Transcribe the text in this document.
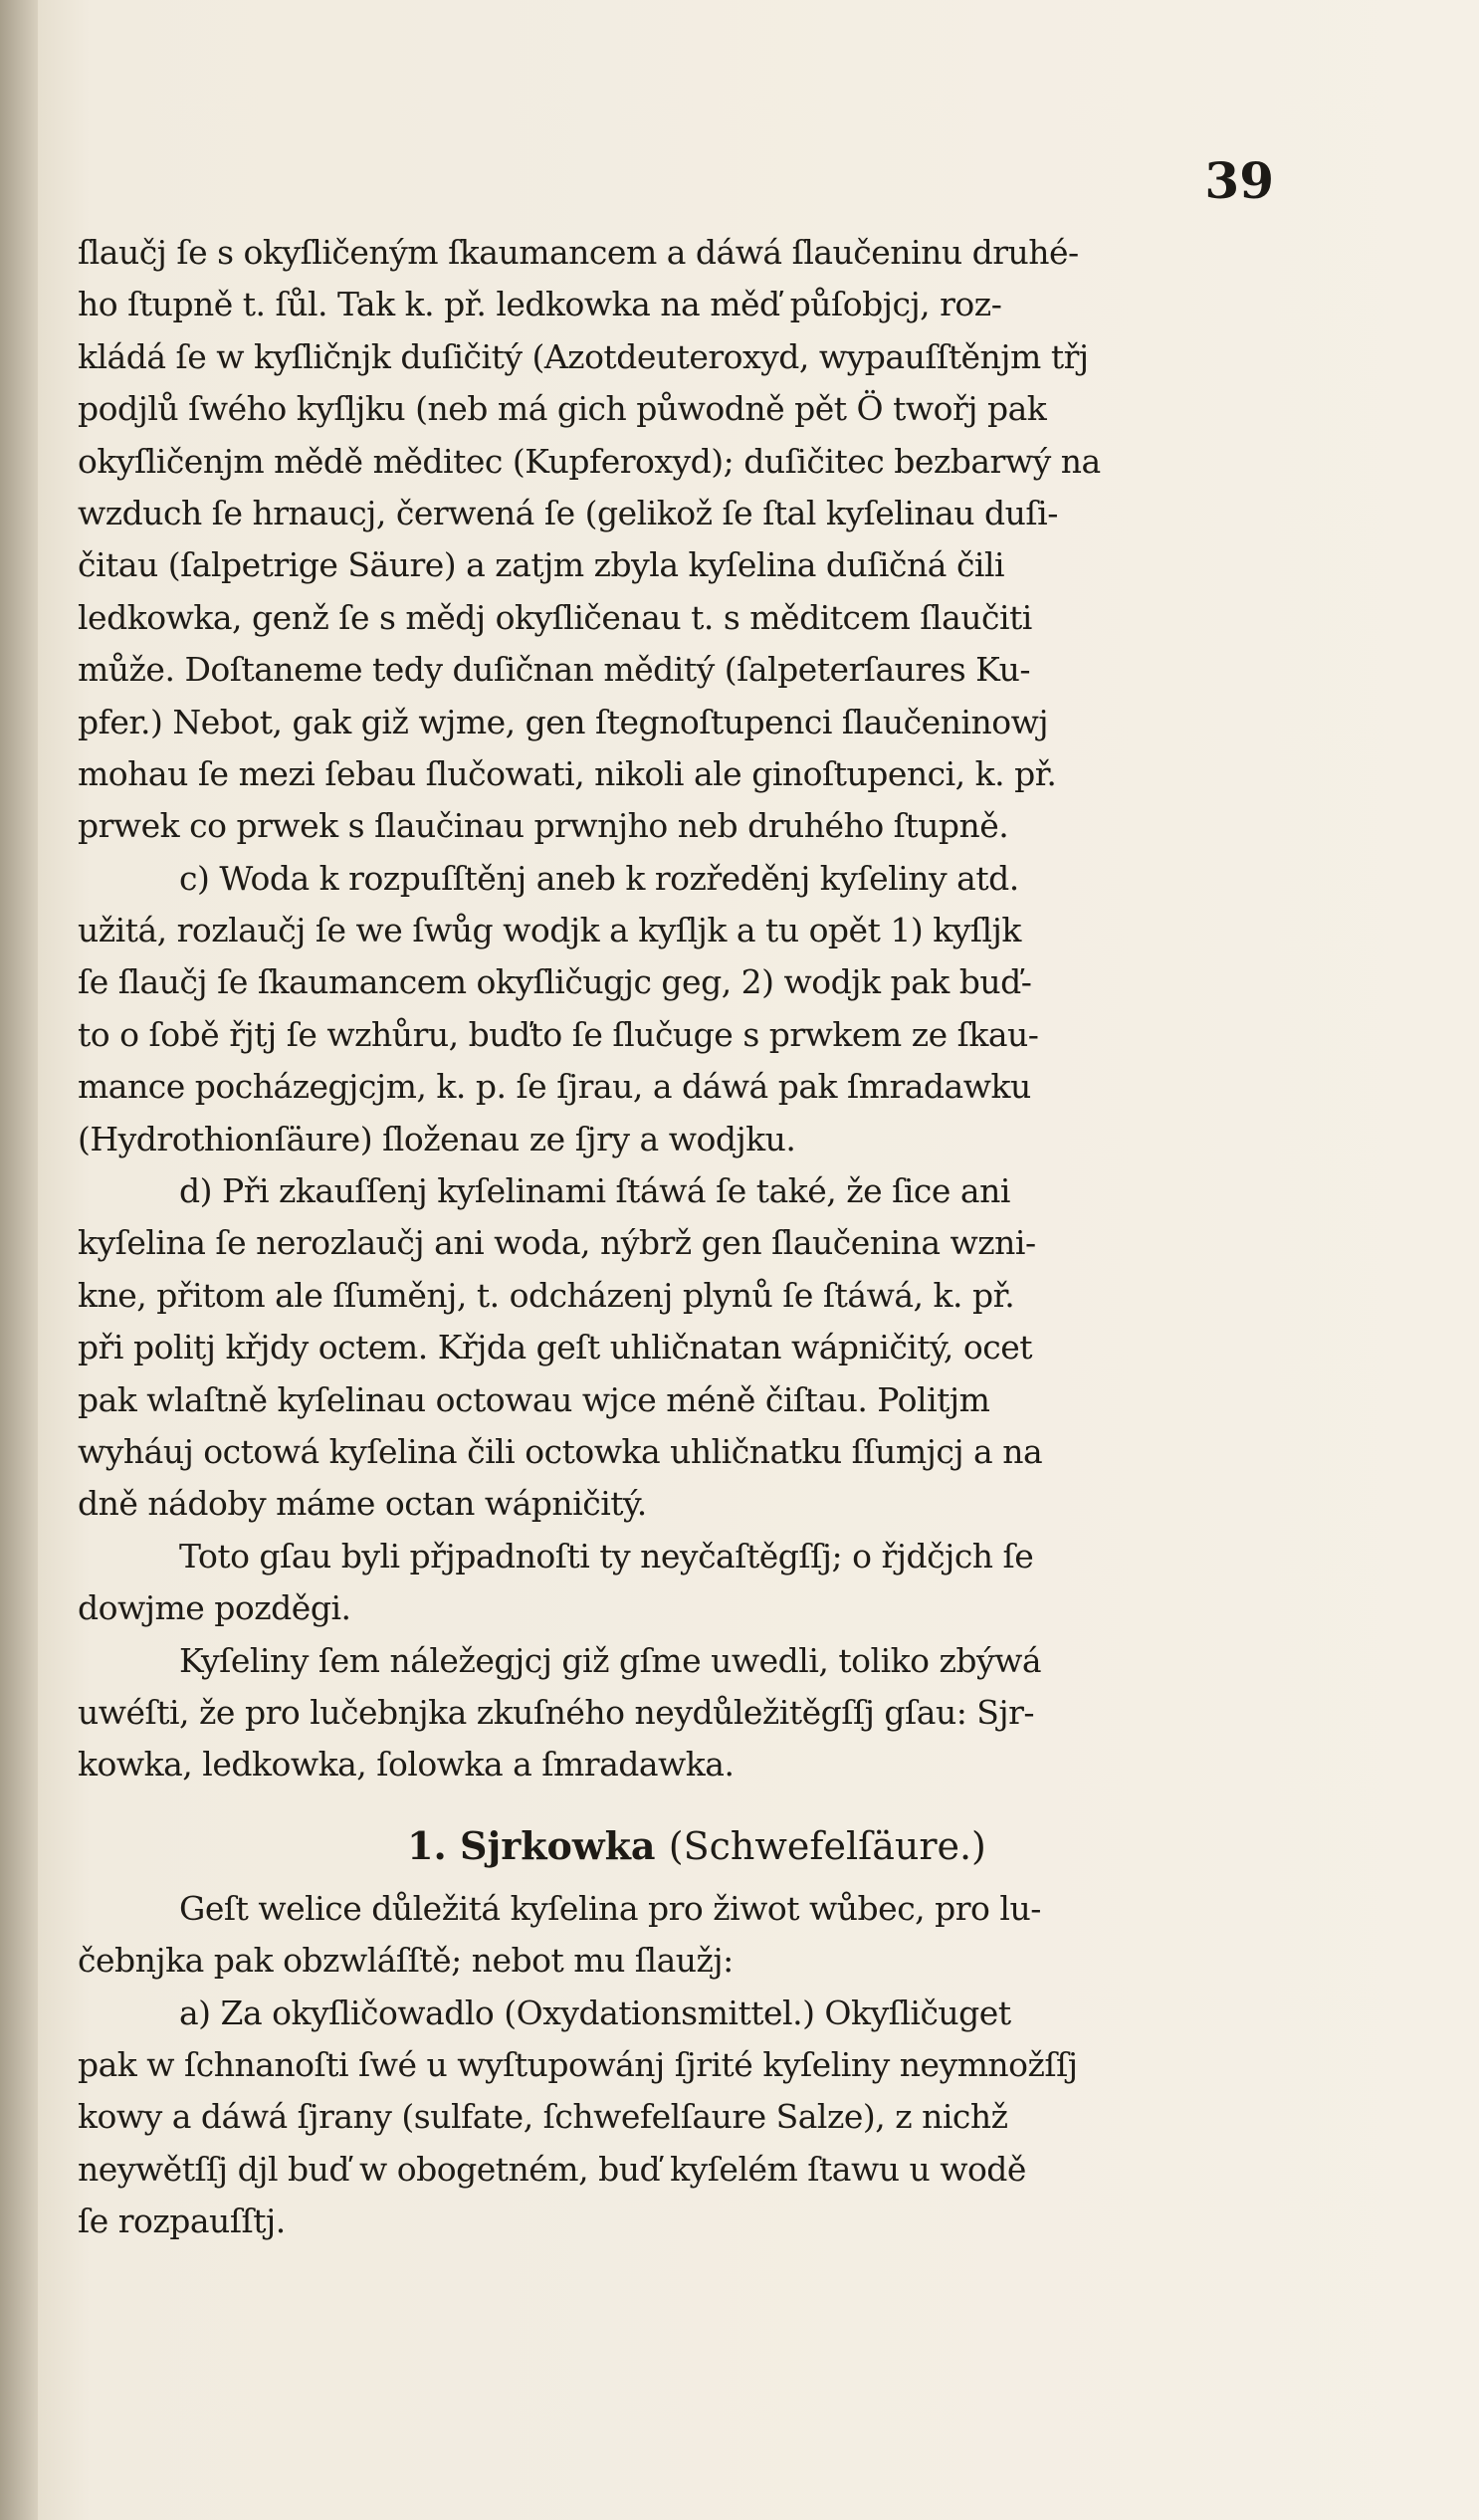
39
ſlaučj ſe s okyſličeným ſkaumancem a dáwá ſlaučeninu druhé-
ho ſtupně t. ſůl. Tak k. př. ledkowka na měď půſobjcj, roz-
kládá ſe w kyſličnjk duſičitý (Azotdeuteroxyd, wypauſſtěnjm třj
podjlů ſwého kyſljku (neb má gich půwodně pět Ö twořj pak
okyſličenjm mědě měditec (Kupferoxyd); duſičitec bezbarwý na
wzduch ſe hrnaucj, čerwená ſe (gelikož ſe ſtal kyſelinau duſi-
čitau (ſalpetrige Säure) a zatjm zbyla kyſelina duſičná čili
ledkowka, genž ſe s mědj okyſličenau t. s měditcem ſlaučiti
může. Doſtaneme tedy duſičnan měditý (ſalpeterſaures Ku-
pfer.) Nebot, gak giž wjme, gen ſtegnoſtupenci ſlaučeninowj
mohau ſe mezi ſebau ſlučowati, nikoli ale ginoſtupenci, k. př.
prwek co prwek s ſlaučinau prwnjho neb druhého ſtupně.
c) Woda k rozpuſſtěnj aneb k rozředěnj kyſeliny atd.
užitá, rozlaučj ſe we ſwůg wodjk a kyſljk a tu opět 1) kyſljk
ſe ſlaučj ſe ſkaumancem okyſličugjc geg, 2) wodjk pak buď-
to o ſobě řjtj ſe wzhůru, buďto ſe ſlučuge s prwkem ze ſkau-
mance pocházegjcjm, k. p. ſe ſjrau, a dáwá pak ſmradawku
(Hydrothionſäure) ſloženau ze ſjry a wodjku.
d) Při zkauſſenj kyſelinami ſtáwá ſe také, že ſice ani
kyſelina ſe nerozlaučj ani woda, nýbrž gen ſlaučenina wzni-
kne, přitom ale ſſuměnj, t. odcházenj plynů ſe ſtáwá, k. př.
při politj křjdy octem. Křjda geſt uhličnatan wápničitý, ocet
pak wlaſtně kyſelinau octowau wjce méně čiſtau. Politjm
wyháuj octowá kyſelina čili octowka uhličnatku ſſumjcj a na
dně nádoby máme octan wápničitý.
Toto gſau byli přjpadnoſti ty neyčaſtěgſſj; o řjdčjch ſe
dowjme pozděgi.
Kyſeliny ſem náležegjcj giž gſme uwedli, toliko zbýwá
uwéſti, že pro lučebnjka zkuſného neydůležitěgſſj gſau: Sjr-
kowka, ledkowka, ſolowka a ſmradawka.
1. Sjrkowka (Schwefelſäure.)
Geſt welice důležitá kyſelina pro žiwot wůbec, pro lu-
čebnjka pak obzwláſſtě; nebot mu ſlaužj:
a) Za okyſličowadlo (Oxydationsmittel.) Okyſličuget
pak w ſchnanoſti ſwé u wyſtupowánj ſjrité kyſeliny neymnožſſj
kowy a dáwá ſjrany (sulfate, ſchwefelſaure Salze), z nichž
neywětſſj djl buď w obogetném, buď kyſelém ſtawu u wodě
ſe rozpauſſtj.
